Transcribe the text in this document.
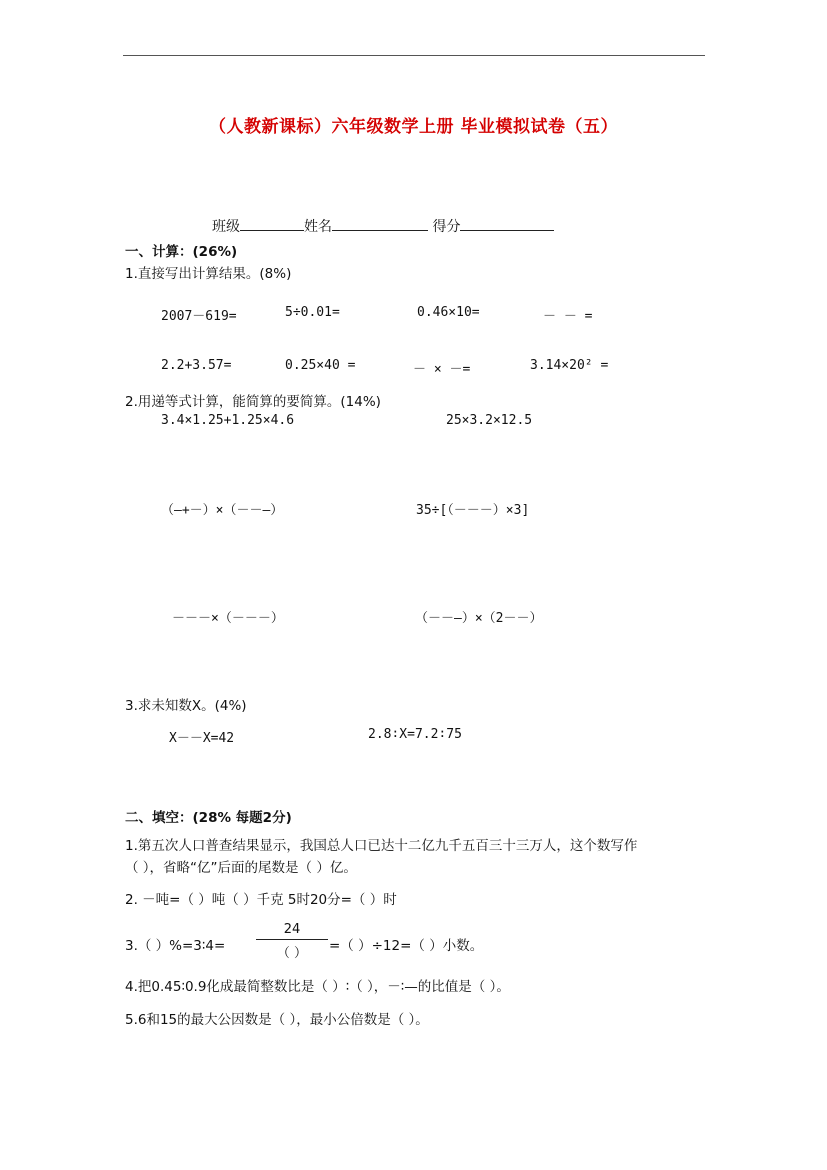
（人教新课标）六年级数学上册 毕业模拟试卷（五）
班级	姓名	得分
一、计算：(26%)
1.直接写出计算结果。(8%)
2007－619=	5÷0.01=	0.46×10=	－ － =
2.2+3.57=	0.25×40 =	－ × －=	3.14×20² =
2.用递等式计算，能简算的要简算。(14%)
3.4×1.25+1.25×4.6	25×3.2×12.5
（—+－）×（－－—）	35÷[（－－－）×3]
－－－×（－－－）	（－－—）×（2－－）
3.求未知数X。(4%)
X－－X=42	2.8∶X=7.2∶75
二、填空：(28% 每题2分)
1.第五次人口普查结果显示，我国总人口已达十二亿九千五百三十三万人，这个数写作
（ ），省略“亿”后面的尾数是（ ）亿。
2. －吨=（ ）吨（ ）千克 5时20分=（ ）时
3.（ ）%=3∶4=
24
（ ）	=（ ）÷12=（ ）小数。
4.把0.45∶0.9化成最简整数比是（ ）∶（ ），－∶—的比值是（ ）。
5.6和15的最大公因数是（ ），最小公倍数是（ ）。
